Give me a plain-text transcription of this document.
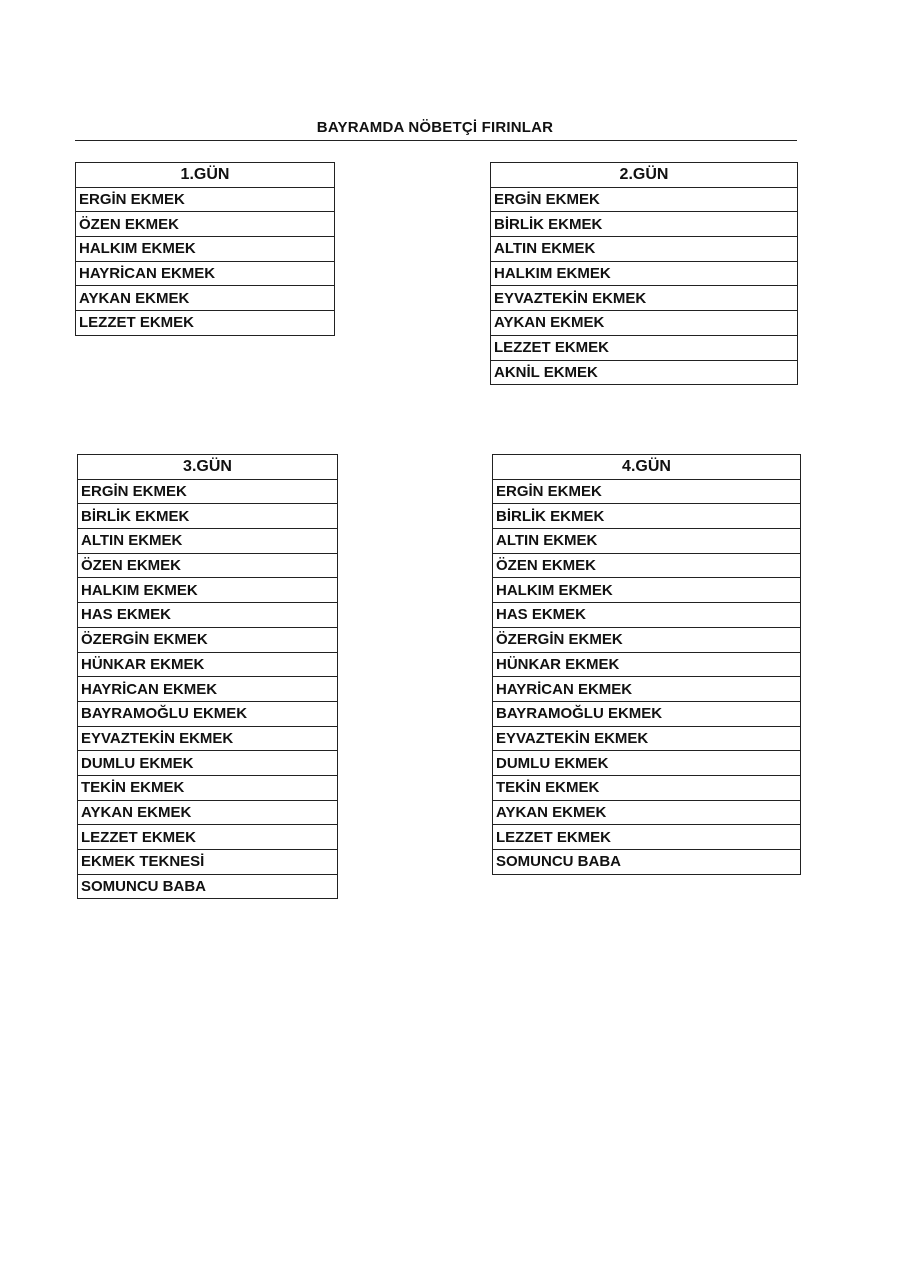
BAYRAMDA NÖBETÇİ FIRINLAR
1.GÜN
ERGİN EKMEK
ÖZEN EKMEK
HALKIM EKMEK
HAYRİCAN EKMEK
AYKAN EKMEK
LEZZET EKMEK
2.GÜN
ERGİN EKMEK
BİRLİK EKMEK
ALTIN EKMEK
HALKIM EKMEK
EYVAZTEKİN EKMEK
AYKAN EKMEK
LEZZET EKMEK
AKNİL EKMEK
3.GÜN
ERGİN EKMEK
BİRLİK EKMEK
ALTIN EKMEK
ÖZEN EKMEK
HALKIM EKMEK
HAS EKMEK
ÖZERGİN EKMEK
HÜNKAR EKMEK
HAYRİCAN EKMEK
BAYRAMOĞLU EKMEK
EYVAZTEKİN EKMEK
DUMLU EKMEK
TEKİN EKMEK
AYKAN EKMEK
LEZZET EKMEK
EKMEK TEKNESİ
SOMUNCU BABA
4.GÜN
ERGİN EKMEK
BİRLİK EKMEK
ALTIN EKMEK
ÖZEN EKMEK
HALKIM EKMEK
HAS EKMEK
ÖZERGİN EKMEK
HÜNKAR EKMEK
HAYRİCAN EKMEK
BAYRAMOĞLU EKMEK
EYVAZTEKİN EKMEK
DUMLU EKMEK
TEKİN EKMEK
AYKAN EKMEK
LEZZET EKMEK
SOMUNCU BABA
